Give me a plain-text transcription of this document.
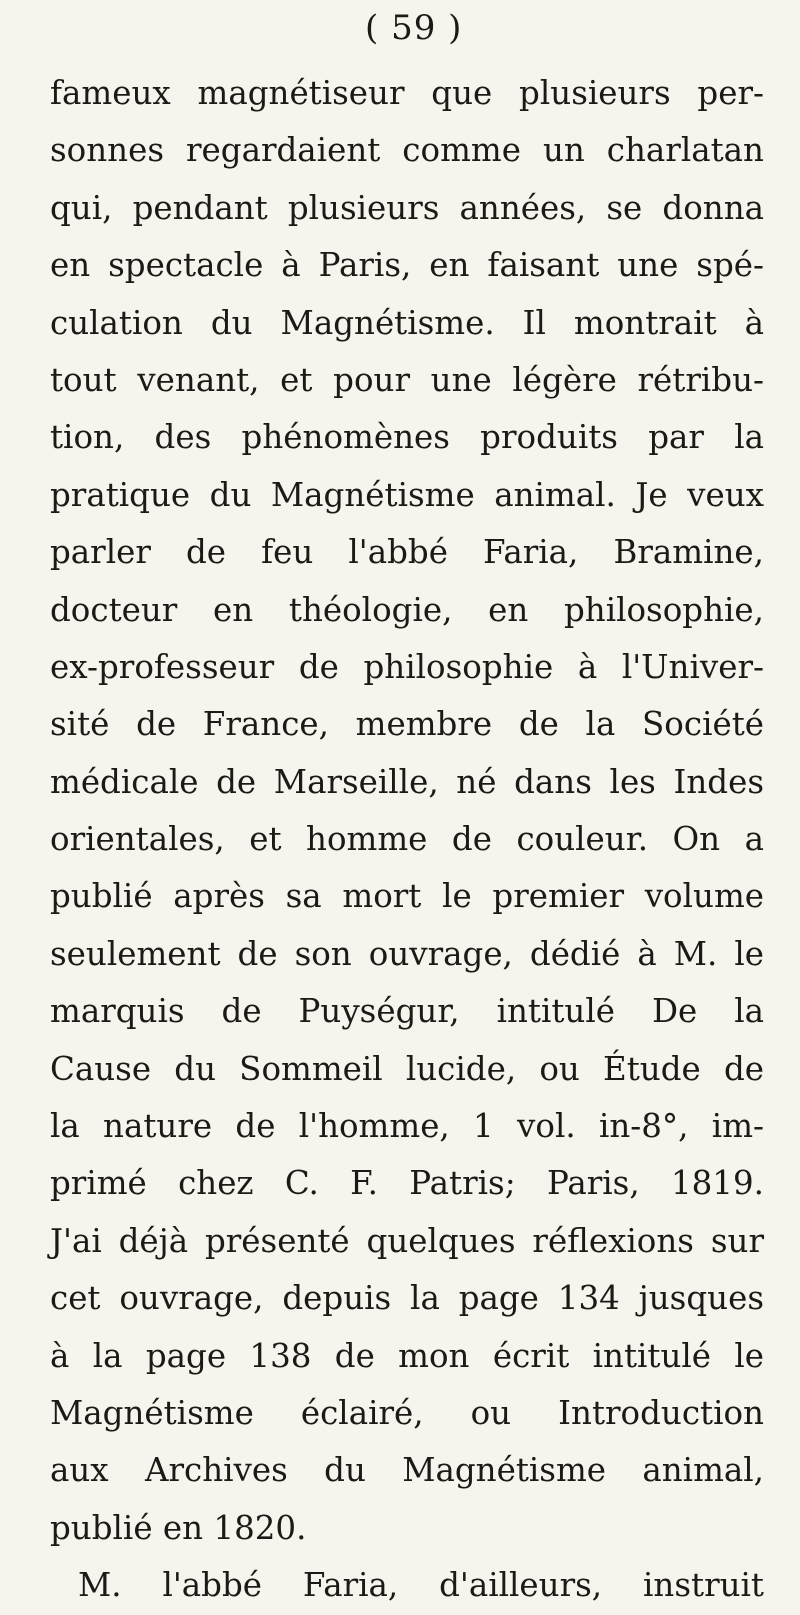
( 59 )
fameux magnétiseur que plusieurs per-
sonnes regardaient comme un charlatan
qui, pendant plusieurs années, se donna
en spectacle à Paris, en faisant une spé-
culation du Magnétisme. Il montrait à
tout venant, et pour une légère rétribu-
tion, des phénomènes produits par la
pratique du Magnétisme animal. Je veux
parler de feu l'abbé Faria, Bramine,
docteur en théologie, en philosophie,
ex-professeur de philosophie à l'Univer-
sité de France, membre de la Société
médicale de Marseille, né dans les Indes
orientales, et homme de couleur. On a
publié après sa mort le premier volume
seulement de son ouvrage, dédié à M. le
marquis de Puységur, intitulé De la
Cause du Sommeil lucide, ou Étude de
la nature de l'homme, 1 vol. in-8°, im-
primé chez C. F. Patris; Paris, 1819.
J'ai déjà présenté quelques réflexions sur
cet ouvrage, depuis la page 134 jusques
à la page 138 de mon écrit intitulé le
Magnétisme éclairé, ou Introduction
aux Archives du Magnétisme animal,
publié en 1820.
M. l'abbé Faria, d'ailleurs, instruit
